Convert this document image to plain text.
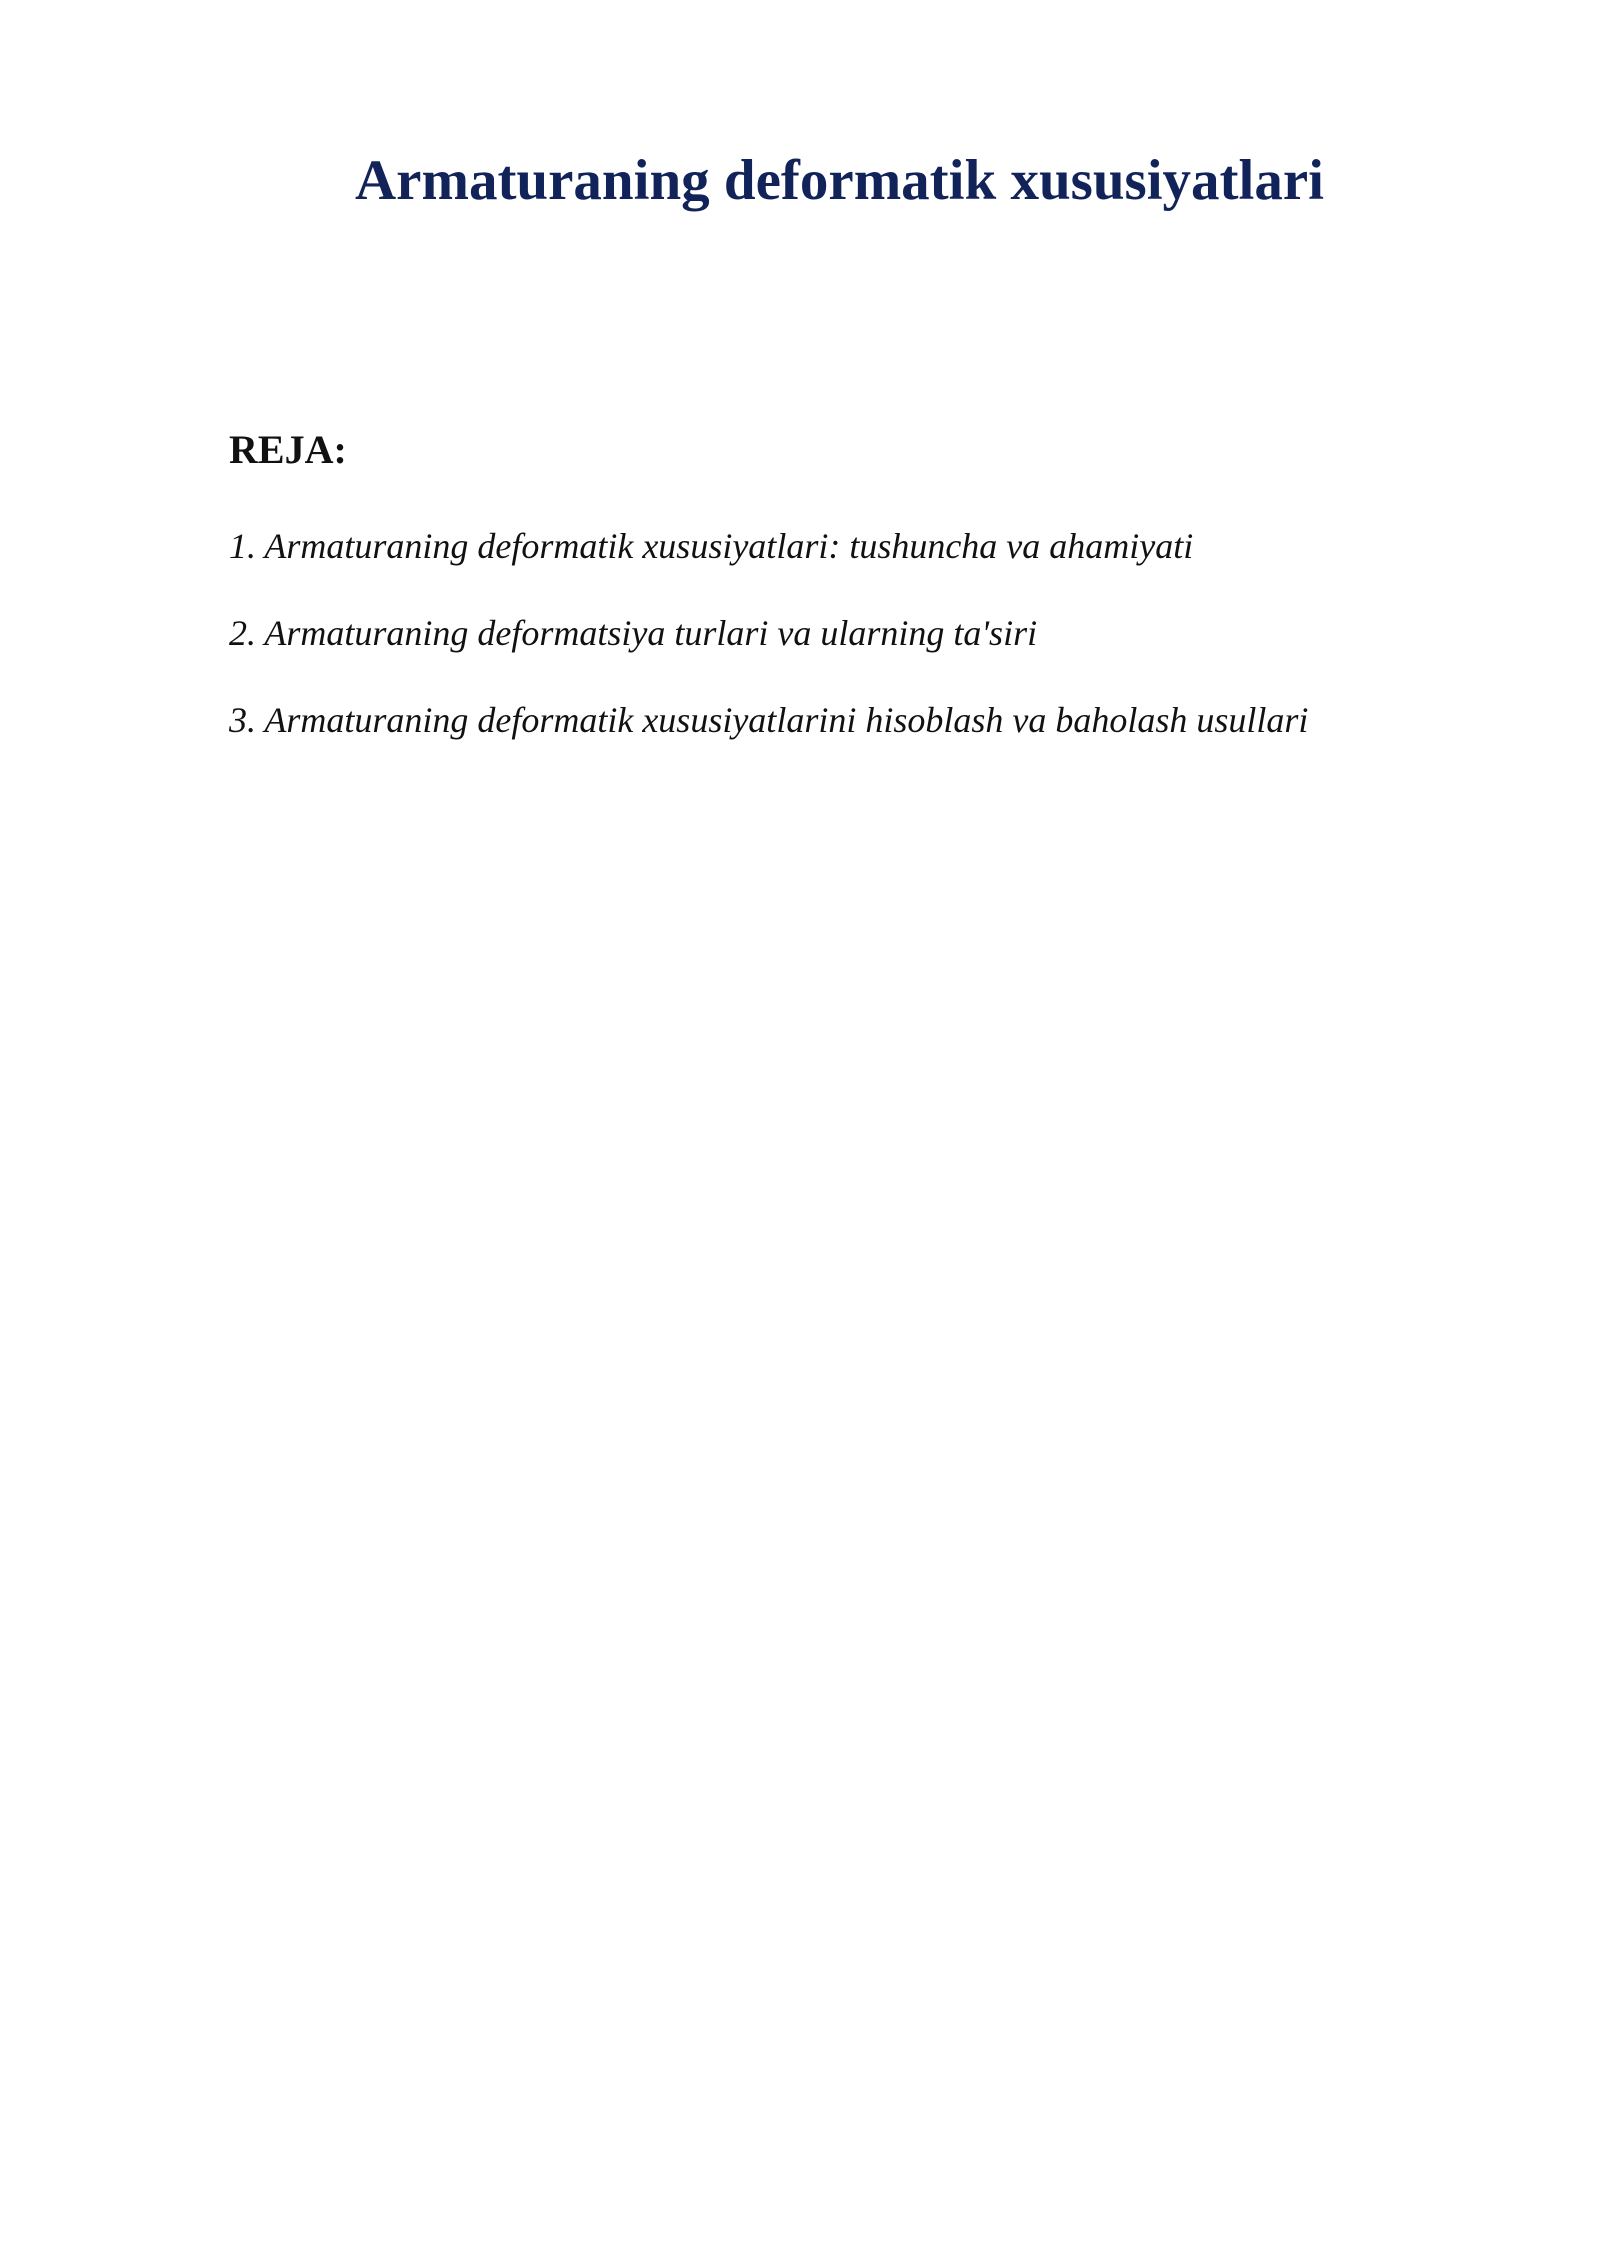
Armaturaning deformatik xususiyatlari
REJA:
1. Armaturaning deformatik xususiyatlari: tushuncha va ahamiyati
2. Armaturaning deformatsiya turlari va ularning ta'siri
3. Armaturaning deformatik xususiyatlarini hisoblash va baholash usullari
